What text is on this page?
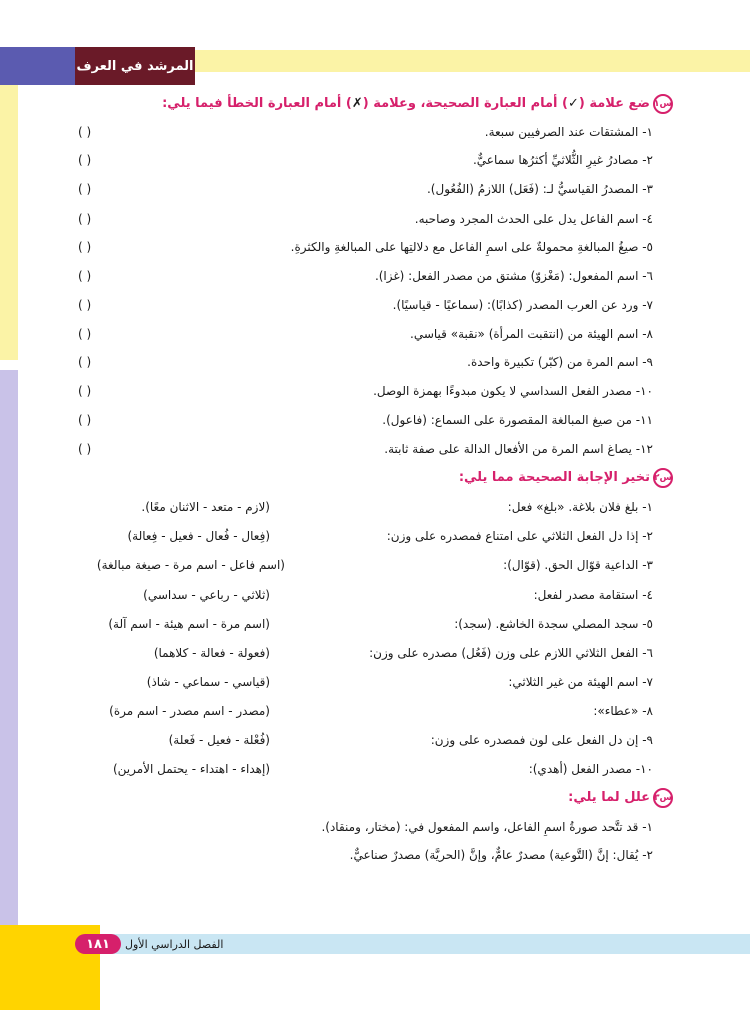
المرشد في العرف
س١
ضع علامة (✓) أمام العبارة الصحيحة، وعلامة (✗) أمام العبارة الخطأ فيما يلي:
١- المشتقات عند الصرفيين سبعة.
( )
٢- مصادرُ غيرِ الثُّلاثيِّ أكثرُها سماعيٌّ.
( )
٣- المصدرُ القياسيُّ لـ: (فَعَل) اللازمُ (الفُعُول).
( )
٤- اسم الفاعل يدل على الحدث المجرد وصاحبه.
( )
٥- صيغُ المبالغةِ محمولةٌ على اسمِ الفاعل مع دلالتِها على المبالغةِ والكثرةِ.
( )
٦- اسم المفعول: (مَغْزوّ) مشتق من مصدر الفعل: (غزا).
( )
٧- ورد عن العرب المصدر (كذابًا): (سماعيًا - قياسيًا).
( )
٨- اسم الهيئة من (انتقبت المرأة) «نقبة» قياسي.
( )
٩- اسم المرة من (كبّر) تكبيرة واحدة.
( )
١٠- مصدر الفعل السداسي لا يكون مبدوءًا بهمزة الوصل.
( )
١١- من صيغ المبالغة المقصورة على السماع: (فاعول).
( )
١٢- يصاغ اسم المرة من الأفعال الدالة على صفة ثابتة.
( )
س٢
تخير الإجابة الصحيحة مما يلي:
١- بلغ فلان بلاغة. «بلغ» فعل:
(لازم - متعد - الاثنان معًا).
٢- إذا دل الفعل الثلاثي على امتناع فمصدره على وزن:
(فِعال - فُعال - فعيل - فِعالة)
٣- الداعية قوّال الحق. (قوّال):
(اسم فاعل - اسم مرة - صيغة مبالغة)
٤- استقامة مصدر لفعل:
(ثلاثي - رباعي - سداسي)
٥- سجد المصلي سجدة الخاشع. (سجد):
(اسم مرة - اسم هيئة - اسم آلة)
٦- الفعل الثلاثي اللازم على وزن (فَعُل) مصدره على وزن:
(فعولة - فعالة - كلاهما)
٧- اسم الهيئة من غير الثلاثي:
(قياسي - سماعي - شاذ)
٨- «عطاء»:
(مصدر - اسم مصدر - اسم مرة)
٩- إن دل الفعل على لون فمصدره على وزن:
(فُعْلة - فعيل - فَعلة)
١٠- مصدر الفعل (أهدي):
(إهداء - اهتداء - يحتمل الأمرين)
س٣
علل لما يلي:
١- قد تتَّحد صورةُ اسمِ الفاعل، واسم المفعول في: (مختار، ومنقاد).
٢- يُقال: إنَّ (التَّوعية) مصدرٌ عامٌّ، وإنَّ (الحريَّة) مصدرٌ صناعيٌّ.
١٨١	الفصل الدراسي الأول
